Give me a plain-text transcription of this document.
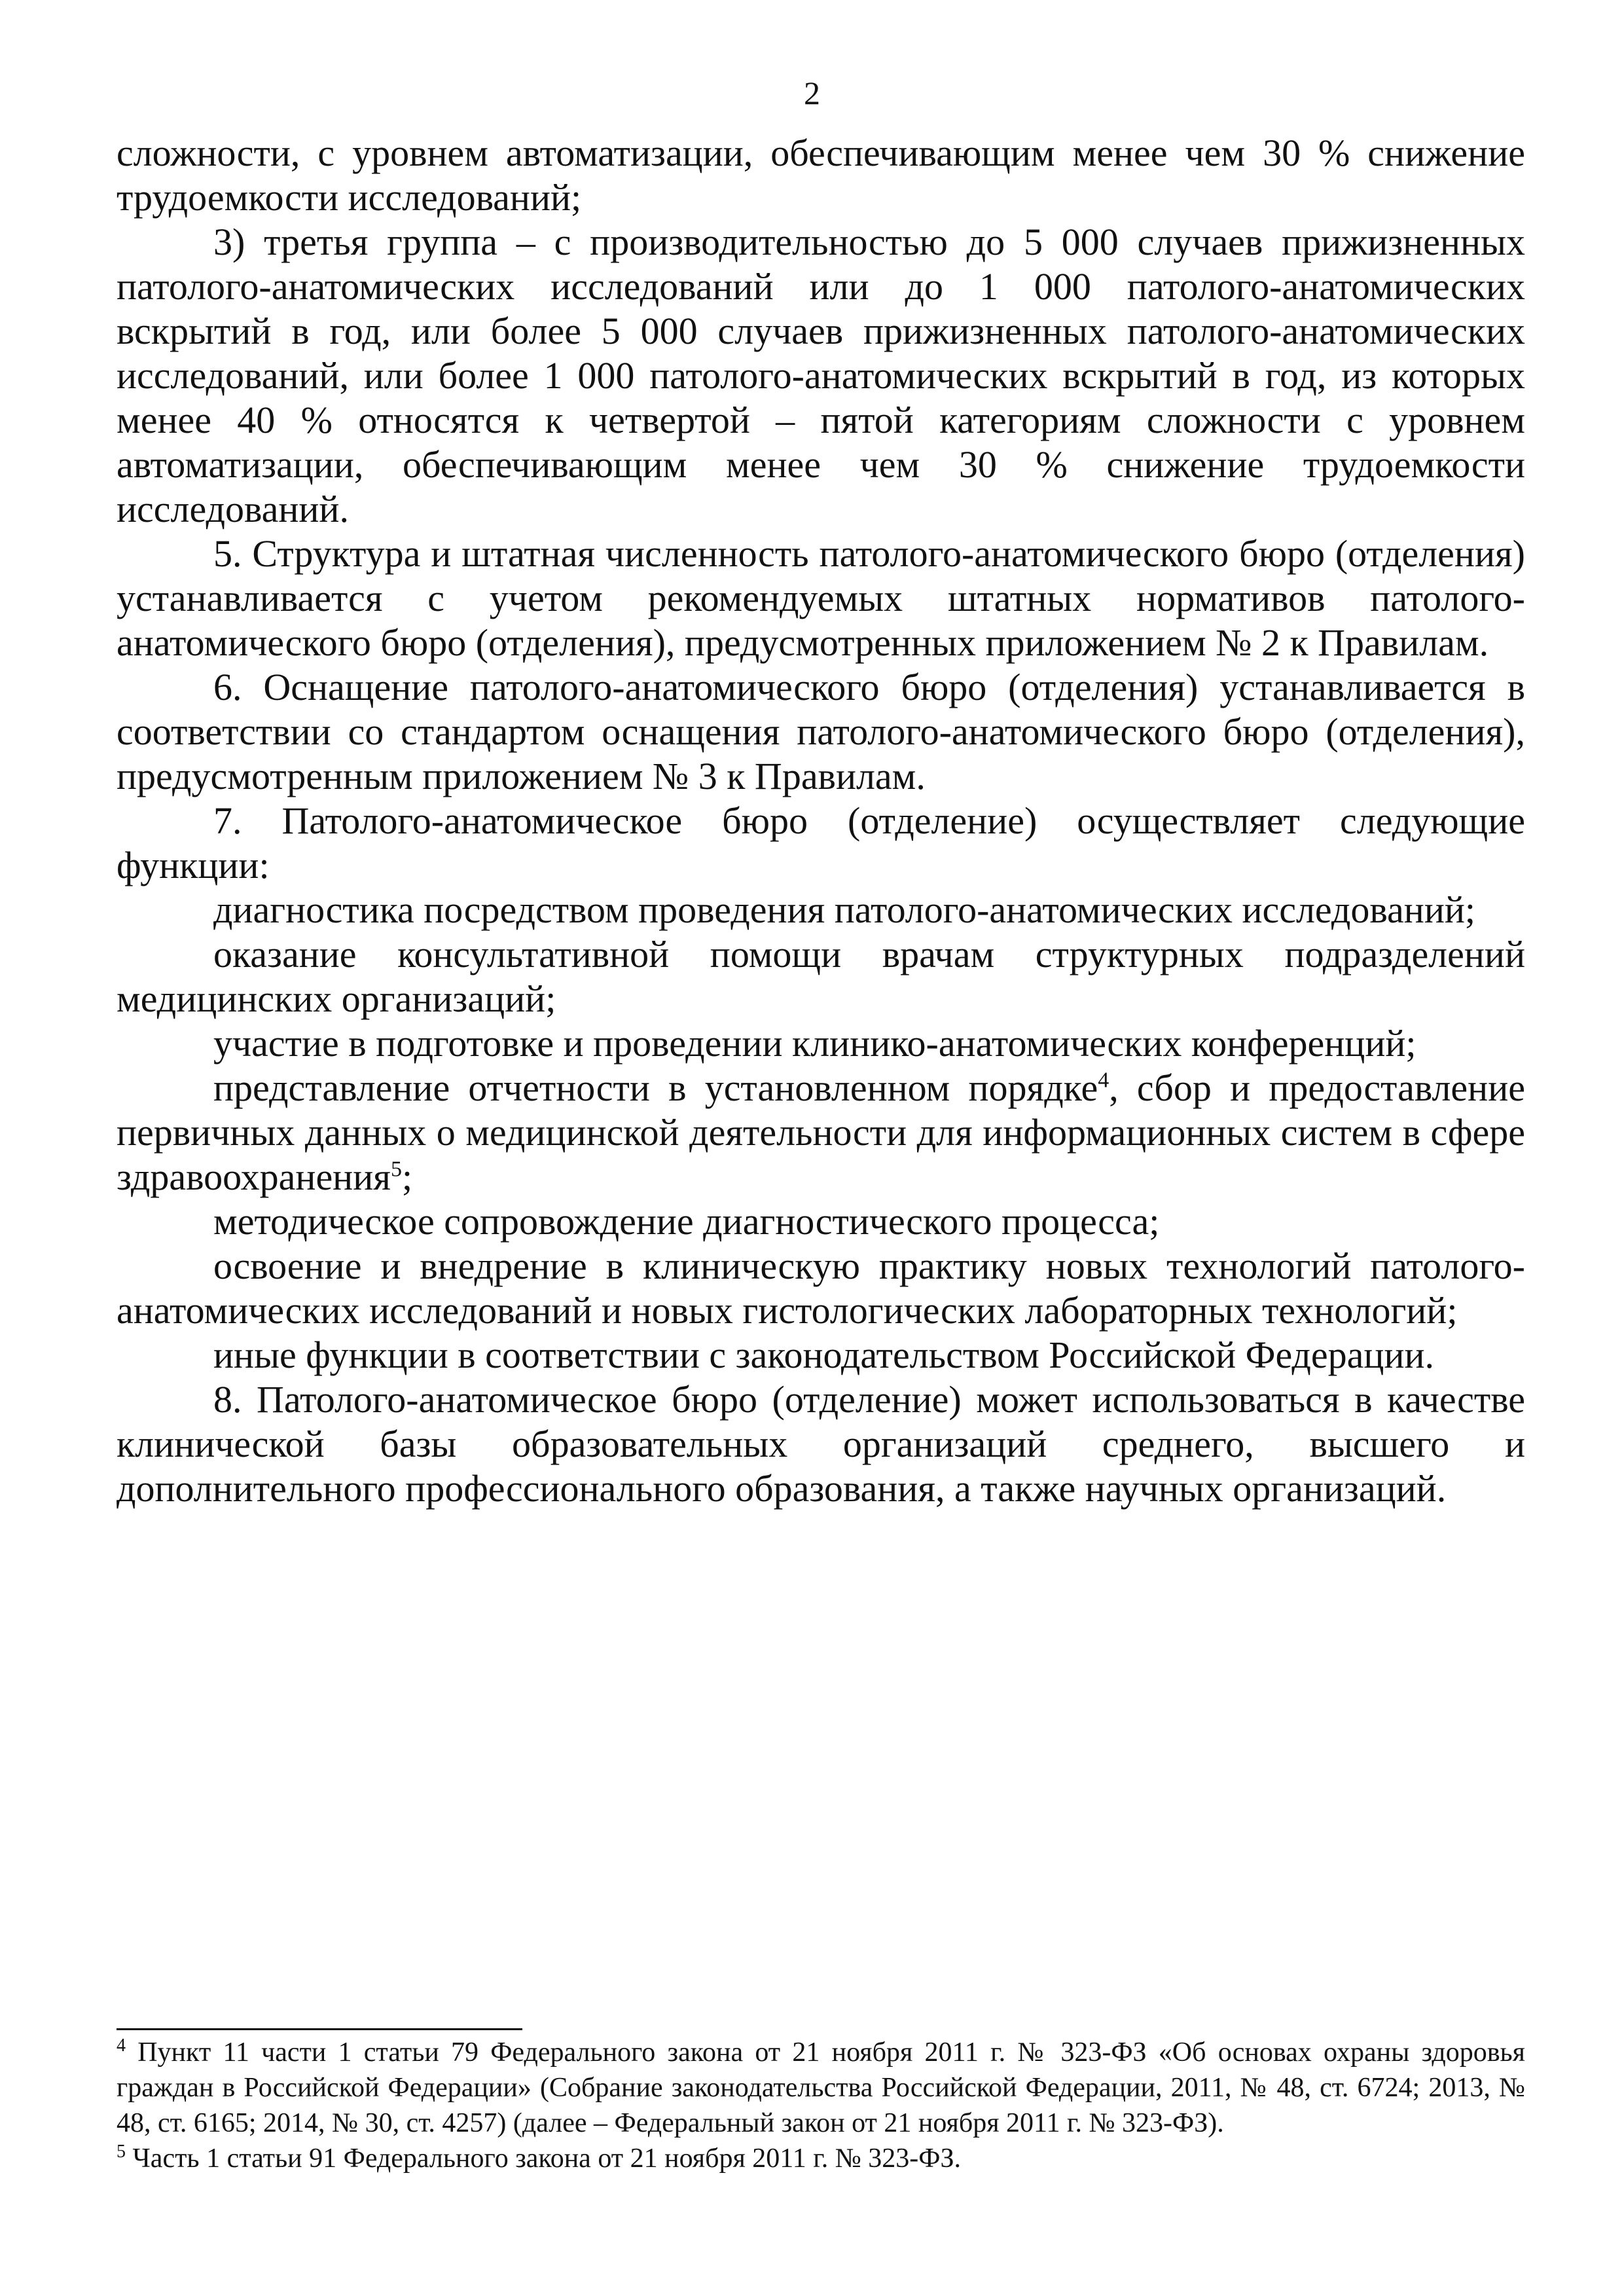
2

сложности, с уровнем автоматизации, обеспечивающим менее чем 30 % снижение трудоемкости исследований;

3) третья группа – с производительностью до 5 000 случаев прижизненных патолого-анатомических исследований или до 1 000 патолого-анатомических вскрытий в год, или более 5 000 случаев прижизненных патолого-анатомических исследований, или более 1 000 патолого-анатомических вскрытий в год, из которых менее 40 % относятся к четвертой – пятой категориям сложности с уровнем автоматизации, обеспечивающим менее чем 30 % снижение трудоемкости исследований.

5. Структура и штатная численность патолого-анатомического бюро (отделения) устанавливается с учетом рекомендуемых штатных нормативов патолого-анатомического бюро (отделения), предусмотренных приложением № 2 к Правилам.

6. Оснащение патолого-анатомического бюро (отделения) устанавливается в соответствии со стандартом оснащения патолого-анатомического бюро (отделения), предусмотренным приложением № 3 к Правилам.

7. Патолого-анатомическое бюро (отделение) осуществляет следующие функции:

диагностика посредством проведения патолого-анатомических исследований;

оказание консультативной помощи врачам структурных подразделений медицинских организаций;

участие в подготовке и проведении клинико-анатомических конференций;

представление отчетности в установленном порядке$^4$, сбор и предоставление первичных данных о медицинской деятельности для информационных систем в сфере здравоохранения$^5$;

методическое сопровождение диагностического процесса;

освоение и внедрение в клиническую практику новых технологий патолого-анатомических исследований и новых гистологических лабораторных технологий;

иные функции в соответствии с законодательством Российской Федерации.

8. Патолого-анатомическое бюро (отделение) может использоваться в качестве клинической базы образовательных организаций среднего, высшего и дополнительного профессионального образования, а также научных организаций.

$^4$ Пункт 11 части 1 статьи 79 Федерального закона от 21 ноября 2011 г. № 323-ФЗ «Об основах охраны здоровья граждан в Российской Федерации» (Собрание законодательства Российской Федерации, 2011, № 48, ст. 6724; 2013, № 48, ст. 6165; 2014, № 30, ст. 4257) (далее – Федеральный закон от 21 ноября 2011 г. № 323-ФЗ).

$^5$ Часть 1 статьи 91 Федерального закона от 21 ноября 2011 г. № 323-ФЗ.
